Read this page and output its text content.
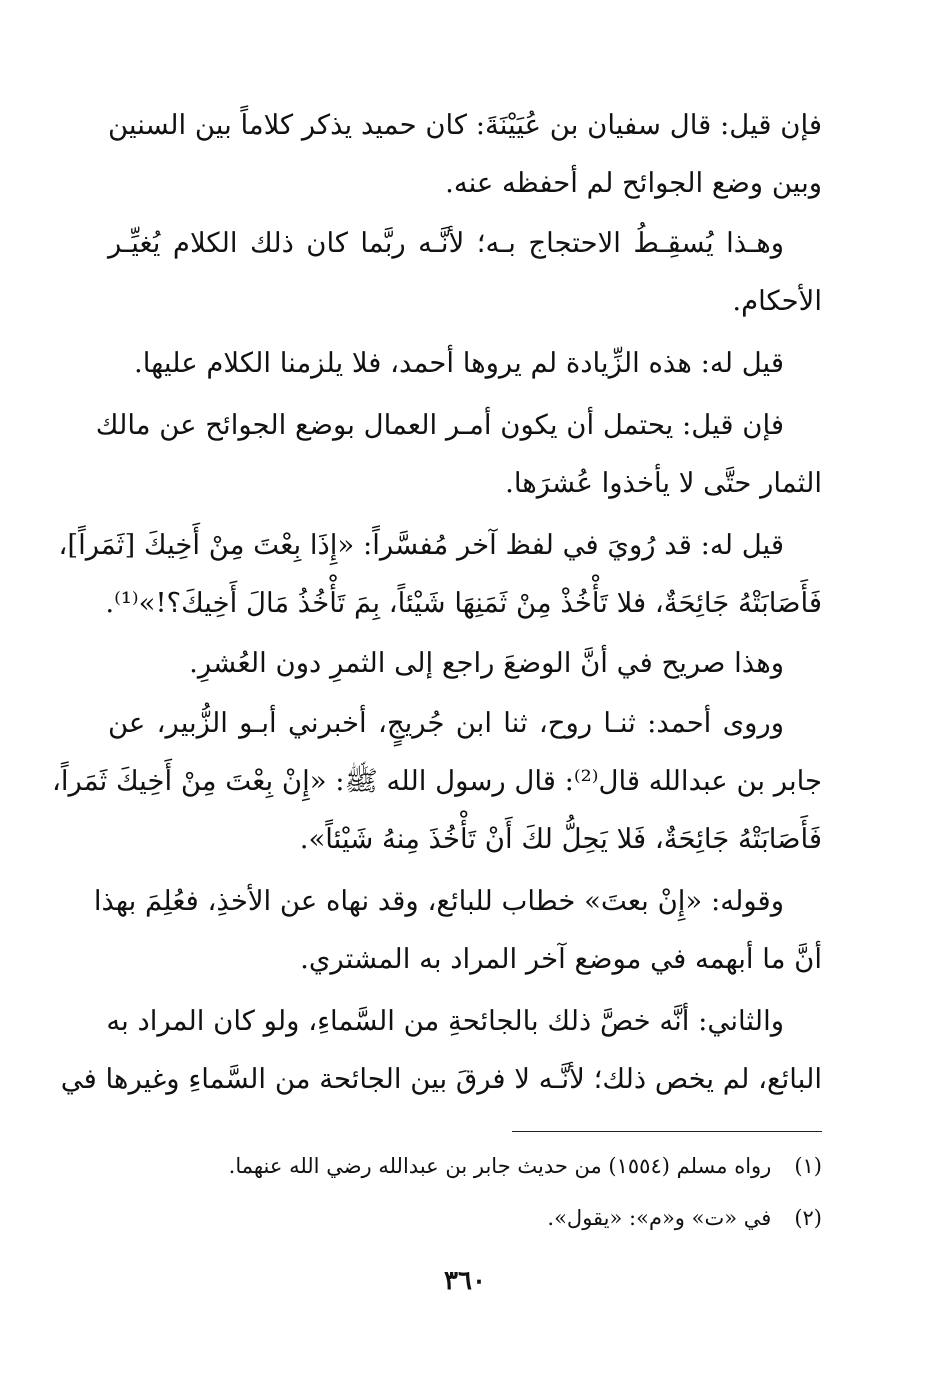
فإن قيل: قال سفيان بن عُيَيْنَةَ: كان حميد يذكر كلاماً بين السنين
وبين وضع الجوائح لم أحفظه عنه.
وهـذا يُسقِـطُ الاحتجاج بـه؛ لأنَّـه ربَّما كان ذلك الكلام يُغيِّـر
الأحكام.
قيل له: هذه الزِّيادة لم يروها أحمد، فلا يلزمنا الكلام عليها.
فإن قيل: يحتمل أن يكون أمـر العمال بوضع الجوائح عن مالك
الثمار حتَّى لا يأخذوا عُشرَها.
قيل له: قد رُويَ في لفظ آخر مُفسَّراً: «إِذَا بِعْتَ مِنْ أَخِيكَ [ثَمَراً]،
فَأَصَابَتْهُ جَائِحَةٌ، فلا تَأْخُذْ مِنْ ثَمَنِهَا شَيْئاً، بِمَ تَأْخُذُ مَالَ أَخِيكَ؟!»⁽¹⁾.
وهذا صريح في أنَّ الوضعَ راجع إلى الثمرِ دون العُشرِ.
وروى أحمد: ثنـا روح، ثنا ابن جُريجٍ، أخبرني أبـو الزُّبير، عن
جابر بن عبدالله قال⁽²⁾: قال رسول الله ﷺ: «إِنْ بِعْتَ مِنْ أَخِيكَ ثَمَراً،
فَأَصَابَتْهُ جَائِحَةٌ، فَلا يَحِلُّ لكَ أَنْ تَأْخُذَ مِنهُ شَيْئاً».
وقوله: «إِنْ بعتَ» خطاب للبائع، وقد نهاه عن الأخذِ، فعُلِمَ بهذا
أنَّ ما أبهمه في موضع آخر المراد به المشتري.
والثاني: أنَّه خصَّ ذلك بالجائحةِ من السَّماءِ، ولو كان المراد به
البائع، لم يخص ذلك؛ لأنَّـه لا فرقَ بين الجائحة من السَّماءِ وغيرها في
(١) رواه مسلم (١٥٥٤) من حديث جابر بن عبدالله رضي الله عنهما.
(٢) في «ت» و«م»: «يقول».
٣٦٠
